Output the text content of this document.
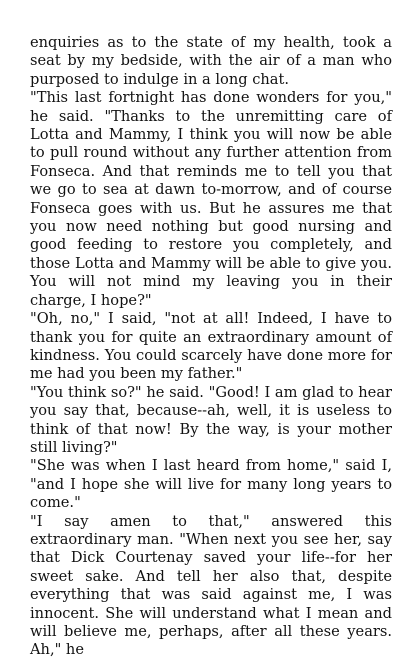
enquiries as to the state of my health, took a seat by my bedside, with the air of a man who purposed to indulge in a long chat.

"This last fortnight has done wonders for you," he said. "Thanks to the unremitting care of Lotta and Mammy, I think you will now be able to pull round without any further attention from Fonseca. And that reminds me to tell you that we go to sea at dawn to-morrow, and of course Fonseca goes with us. But he assures me that you now need nothing but good nursing and good feeding to restore you completely, and those Lotta and Mammy will be able to give you. You will not mind my leaving you in their charge, I hope?"

"Oh, no," I said, "not at all! Indeed, I have to thank you for quite an extraordinary amount of kindness. You could scarcely have done more for me had you been my father."

"You think so?" he said. "Good! I am glad to hear you say that, because--ah, well, it is useless to think of that now! By the way, is your mother still living?"

"She was when I last heard from home," said I, "and I hope she will live for many long years to come."

"I say amen to that," answered this extraordinary man. "When next you see her, say that Dick Courtenay saved your life--for her sweet sake. And tell her also that, despite everything that was said against me, I was innocent. She will understand what I mean and will believe me, perhaps, after all these years. Ah," he
